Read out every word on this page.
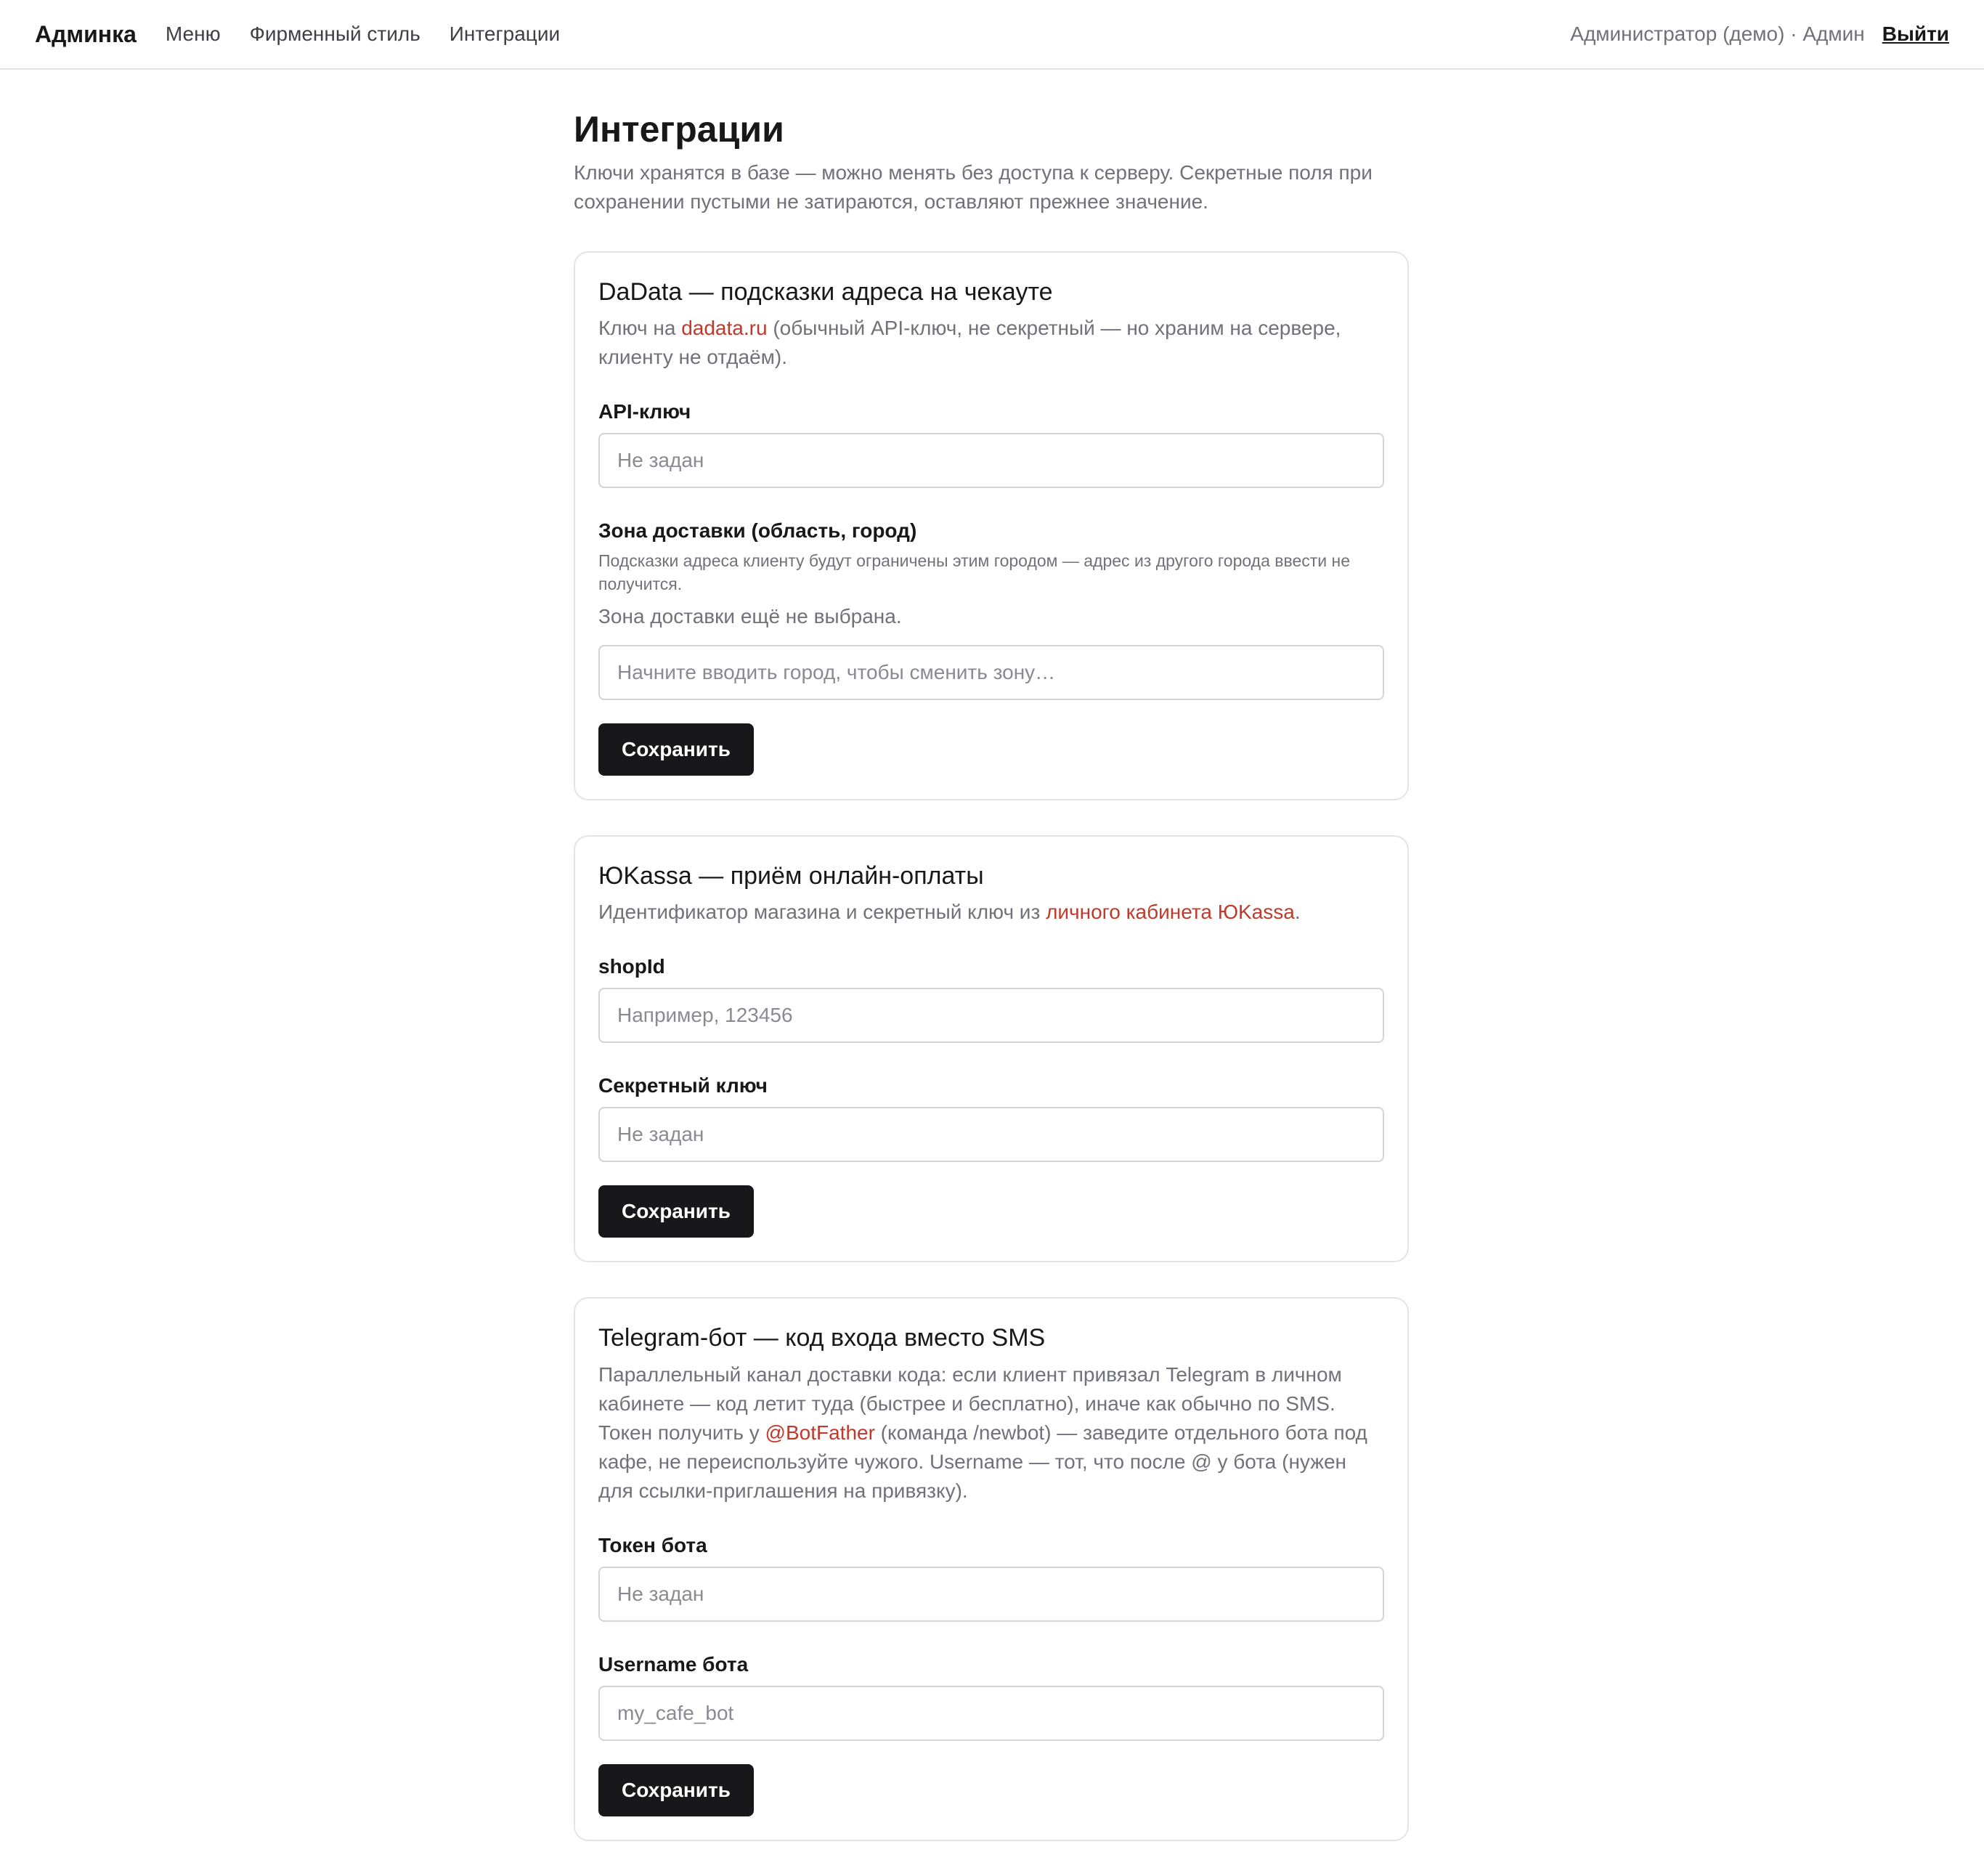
Админка Меню Фирменный стиль Интеграции	Администратор (демо) · Админ Выйти
Интеграции

Ключи хранятся в базе — можно менять без доступа к серверу. Секретные поля при сохранении пустыми не затираются, оставляют прежнее значение.

DaData — подсказки адреса на чекауте

Ключ на dadata.ru (обычный API-ключ, не секретный — но храним на сервере, клиенту не отдаём).

API-ключ
Не задан
Зона доставки (область, город)
Подсказки адреса клиенту будут ограничены этим городом — адрес из другого города ввести не получится.
Зона доставки ещё не выбрана.
Начните вводить город, чтобы сменить зону… Сохранить
ЮKassa — приём онлайн-оплаты

Идентификатор магазина и секретный ключ из личного кабинета ЮKassa.

shopId
Например, 123456
Секретный ключ
Сохранить
Telegram-бот — код входа вместо SMS

Параллельный канал доставки кода: если клиент привязал Telegram в личном кабинете — код летит туда (быстрее и бесплатно), иначе как обычно по SMS. Токен получить у @BotFather (команда /newbot) — заведите отдельного бота под кафе, не переиспользуйте чужого. Username — тот, что после @ у бота (нужен для ссылки-приглашения на привязку).

Токен бота
Username бота
my_cafe_bot Сохранить
